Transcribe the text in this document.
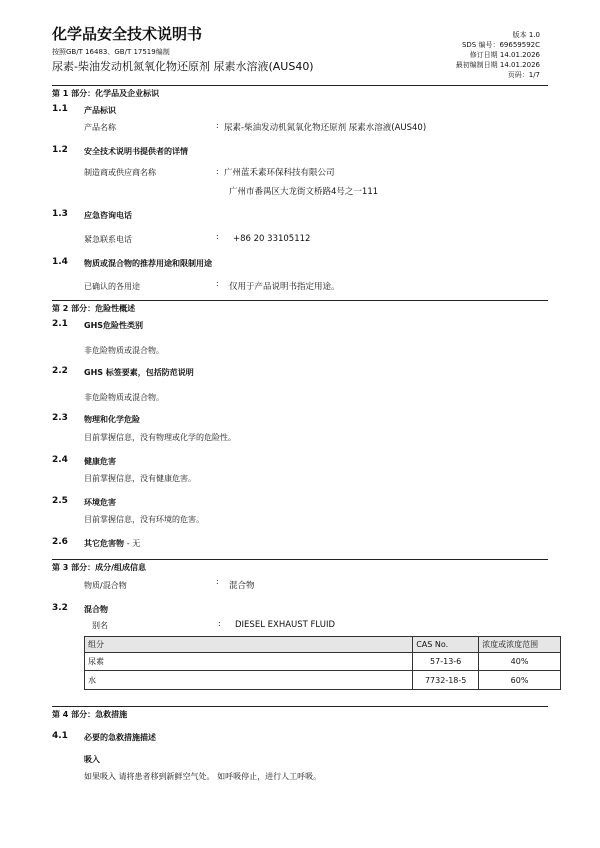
化学品安全技术说明书
按照GB/T 16483、GB/T 17519编制
尿素-柴油发动机氮氧化物还原剂 尿素水溶液(AUS40)
版本 1.0
SDS 编号：69659592C
修订日期 14.01.2026
最初编制日期 14.01.2026
页码：1/7
第 1 部分：化学品及企业标识
1.1 产品标识
产品名称	: 尿素-柴油发动机氮氧化物还原剂 尿素水溶液(AUS40)
1.2 安全技术说明书提供者的详情
制造商或供应商名称	: 广州蓝禾素环保科技有限公司
广州市番禺区大龙街文桥路4号之一111
1.3 应急咨询电话
紧急联系电话	: +86 20 33105112
1.4 物质或混合物的推荐用途和限制用途
已确认的各用途	: 仅用于产品说明书指定用途。
第 2 部分：危险性概述
2.1 GHS危险性类别
非危险物质或混合物。
2.2 GHS 标签要素，包括防范说明
非危险物质或混合物。
2.3 物理和化学危险
目前掌握信息，没有物理或化学的危险性。
2.4 健康危害
目前掌握信息，没有健康危害。
2.5 环境危害
目前掌握信息，没有环境的危害。
2.6 其它危害物 - 无
第 3 部分：成分/组成信息
物质/混合物	: 混合物
3.2 混合物
别名	: DIESEL EXHAUST FLUID
组分	CAS No.	浓度或浓度范围
尿素	57-13-6	40%
水	7732-18-5	60%
第 4 部分：急救措施
4.1 必要的急救措施描述
吸入
如果吸入 请将患者移到新鲜空气处。 如呼吸停止，进行人工呼吸。
